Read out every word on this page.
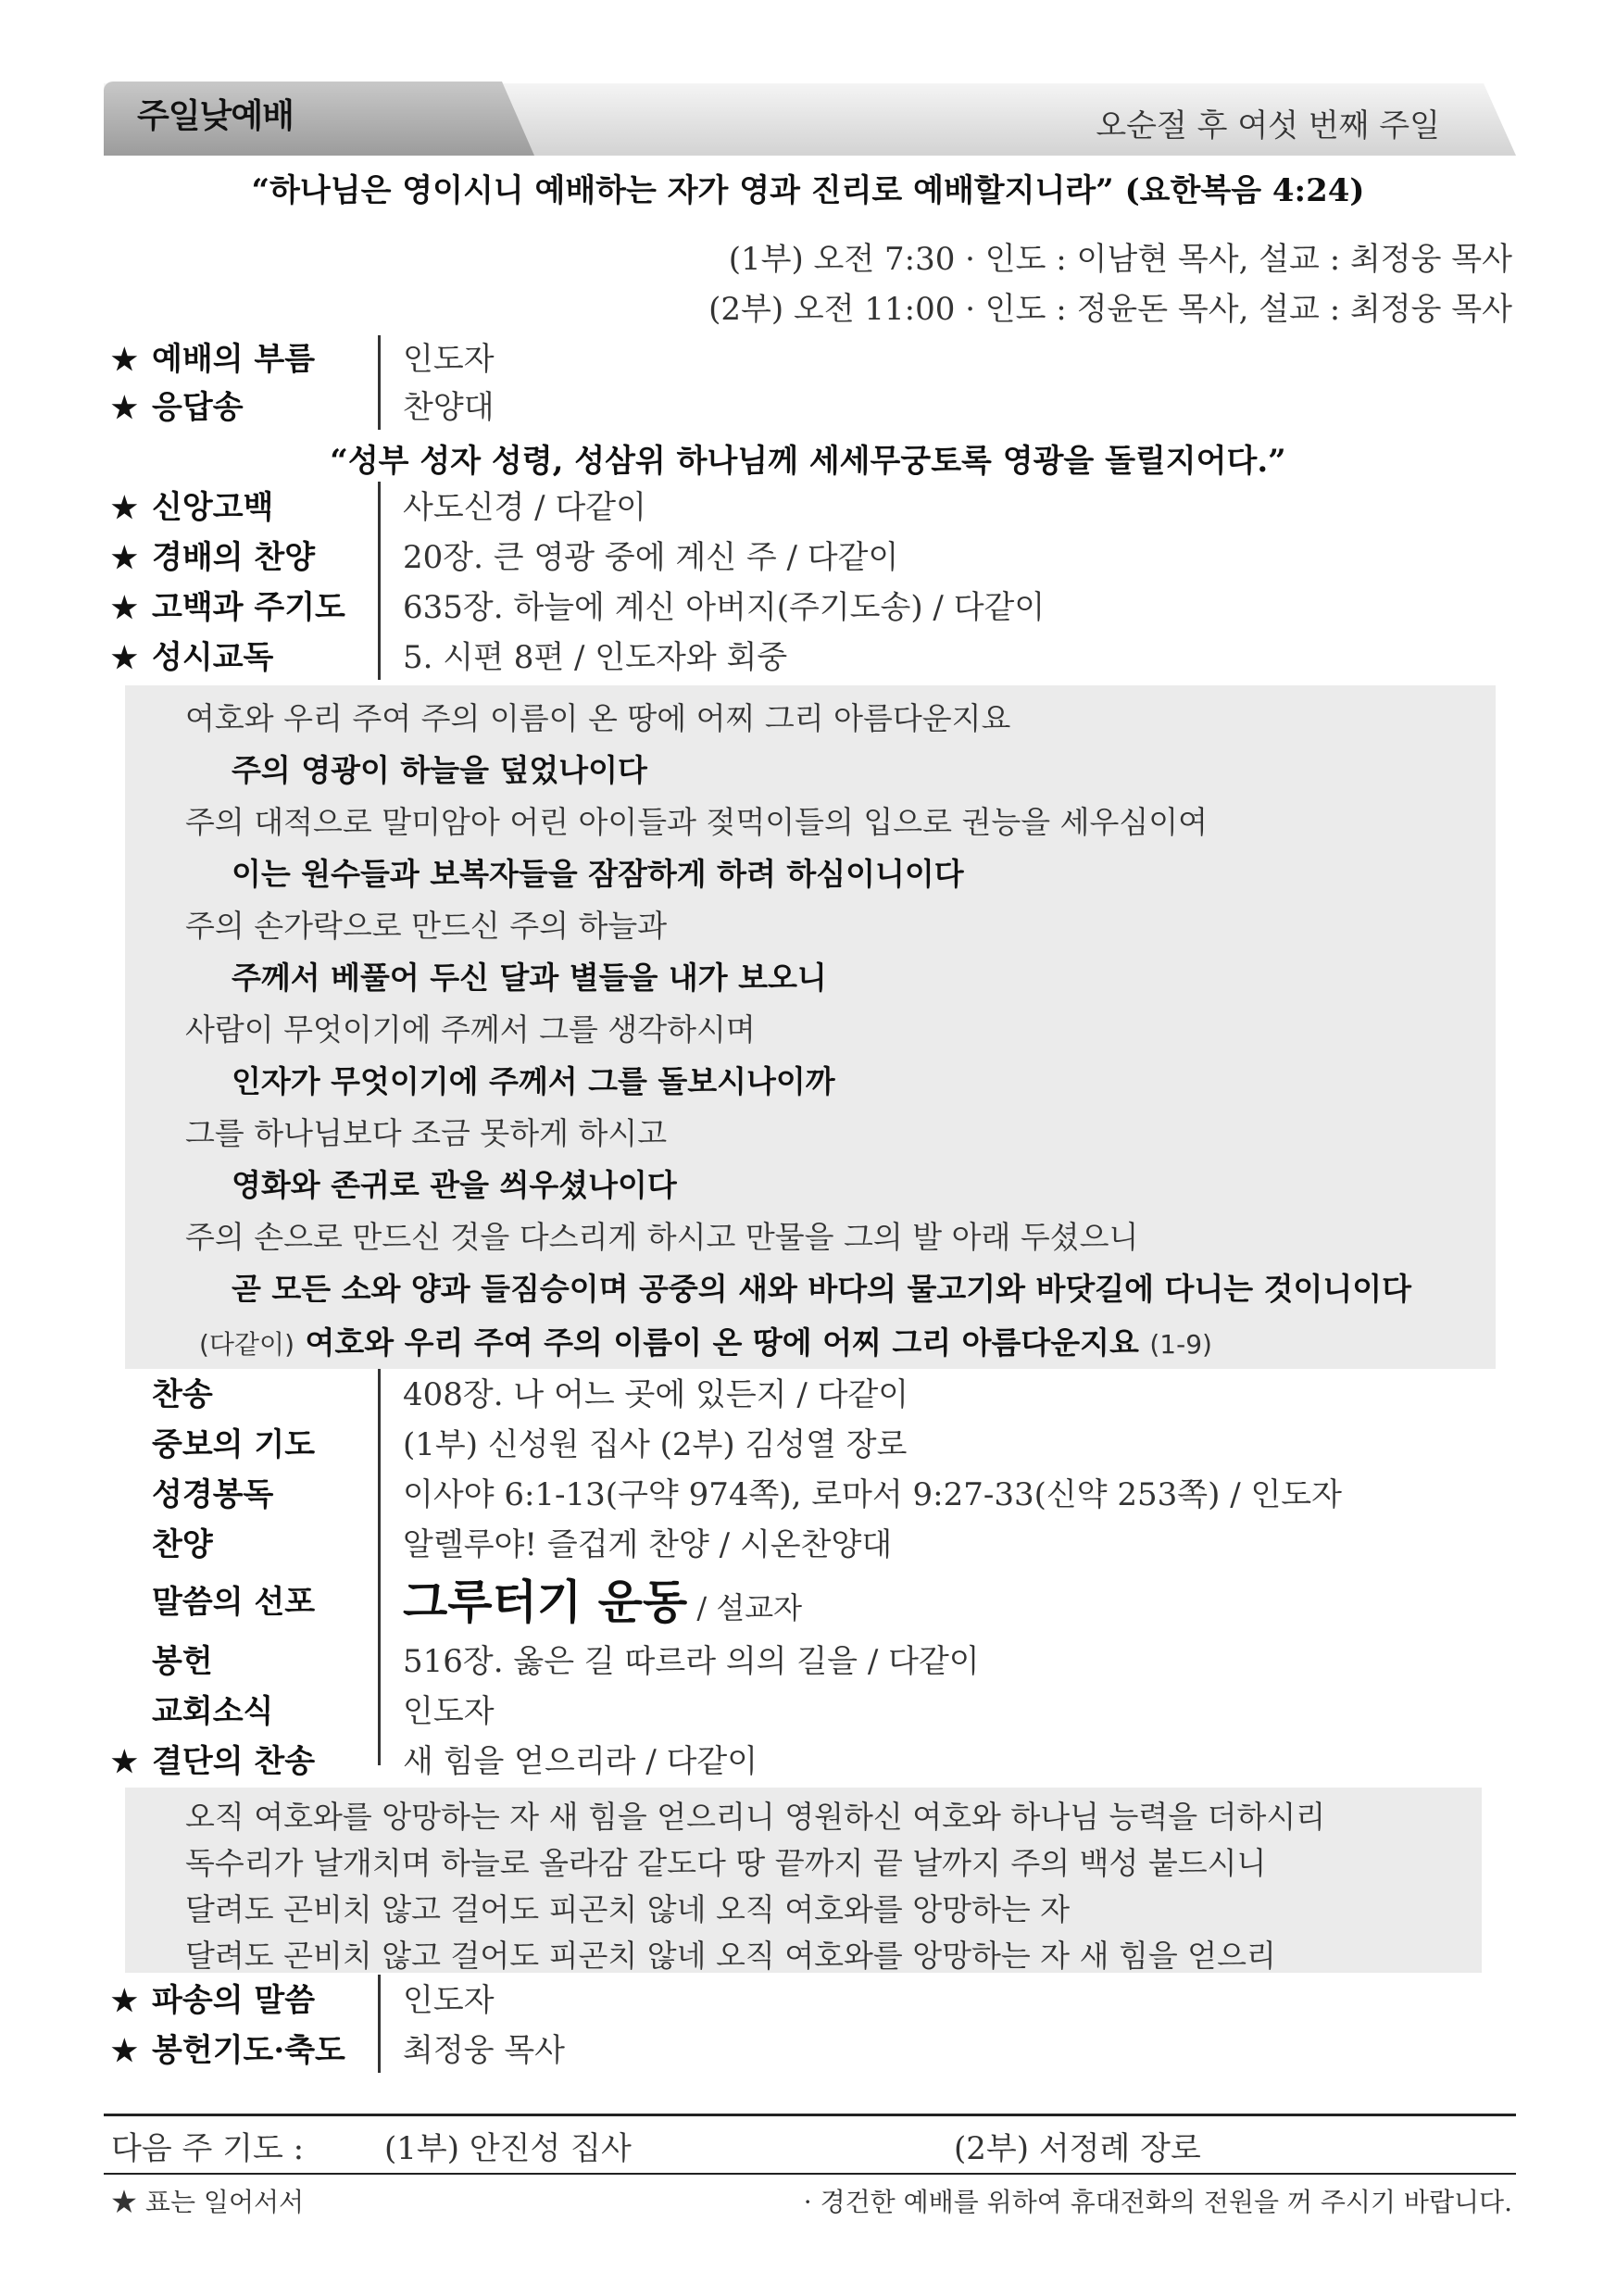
주일낮예배	오순절 후 여섯 번째 주일
“하나님은 영이시니 예배하는 자가 영과 진리로 예배할지니라” (요한복음 4:24)
(1부) 오전 7:30 · 인도 : 이남현 목사, 설교 : 최정웅 목사
(2부) 오전 11:00 · 인도 : 정윤돈 목사, 설교 : 최정웅 목사
★ 예배의 부름	인도자
★ 응답송	찬양대
“성부 성자 성령, 성삼위 하나님께 세세무궁토록 영광을 돌릴지어다.”
★ 신앙고백	사도신경 / 다같이
★ 경배의 찬양	20장. 큰 영광 중에 계신 주 / 다같이
★ 고백과 주기도	635장. 하늘에 계신 아버지(주기도송) / 다같이
★ 성시교독	5. 시편 8편 / 인도자와 회중
여호와 우리 주여 주의 이름이 온 땅에 어찌 그리 아름다운지요
주의 영광이 하늘을 덮었나이다
주의 대적으로 말미암아 어린 아이들과 젖먹이들의 입으로 권능을 세우심이여
이는 원수들과 보복자들을 잠잠하게 하려 하심이니이다
주의 손가락으로 만드신 주의 하늘과
주께서 베풀어 두신 달과 별들을 내가 보오니
사람이 무엇이기에 주께서 그를 생각하시며
인자가 무엇이기에 주께서 그를 돌보시나이까
그를 하나님보다 조금 못하게 하시고
영화와 존귀로 관을 씌우셨나이다
주의 손으로 만드신 것을 다스리게 하시고 만물을 그의 발 아래 두셨으니
곧 모든 소와 양과 들짐승이며 공중의 새와 바다의 물고기와 바닷길에 다니는 것이니이다
(다같이) 여호와 우리 주여 주의 이름이 온 땅에 어찌 그리 아름다운지요 (1-9)
찬송	408장. 나 어느 곳에 있든지 / 다같이
중보의 기도	(1부) 신성원 집사 (2부) 김성열 장로
성경봉독	이사야 6:1-13(구약 974쪽), 로마서 9:27-33(신약 253쪽) / 인도자
찬양	알렐루야! 즐겁게 찬양 / 시온찬양대
말씀의 선포	그루터기 운동 / 설교자
봉헌	516장. 옳은 길 따르라 의의 길을 / 다같이
교회소식	인도자
★ 결단의 찬송	새 힘을 얻으리라 / 다같이
오직 여호와를 앙망하는 자 새 힘을 얻으리니 영원하신 여호와 하나님 능력을 더하시리
독수리가 날개치며 하늘로 올라감 같도다 땅 끝까지 끝 날까지 주의 백성 붙드시니
달려도 곤비치 않고 걸어도 피곤치 않네 오직 여호와를 앙망하는 자
달려도 곤비치 않고 걸어도 피곤치 않네 오직 여호와를 앙망하는 자 새 힘을 얻으리
★ 파송의 말씀	인도자
★ 봉헌기도·축도	최정웅 목사
다음 주 기도 :	(1부) 안진성 집사	(2부) 서정례 장로
★ 표는 일어서서	· 경건한 예배를 위하여 휴대전화의 전원을 꺼 주시기 바랍니다.
